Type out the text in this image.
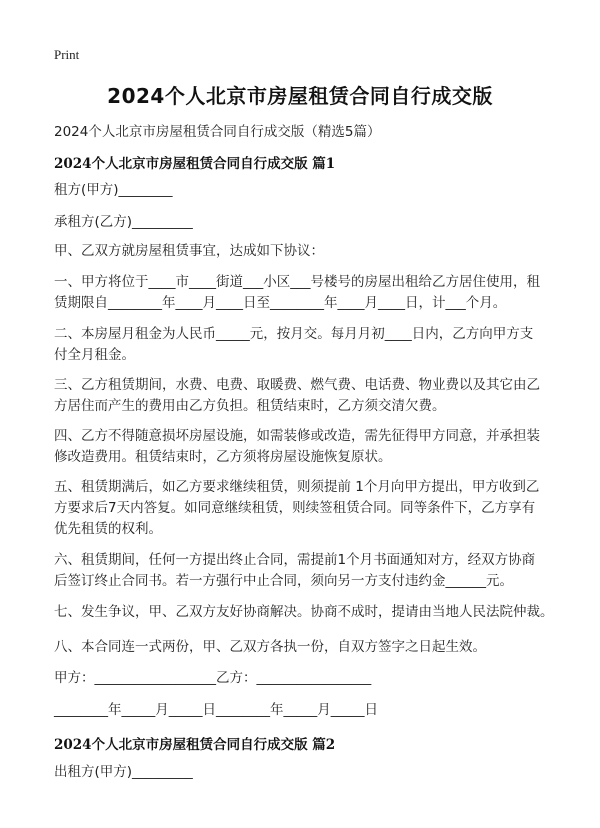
Print
2024个人北京市房屋租赁合同自行成交版
2024个人北京市房屋租赁合同自行成交版（精选5篇）
2024个人北京市房屋租赁合同自行成交版 篇1
租方(甲方)________
承租方(乙方)_________
甲、乙双方就房屋租赁事宜，达成如下协议：
一、甲方将位于____市____街道___小区___号楼号的房屋出租给乙方居住使用，租
赁期限自________年____月____日至________年____月____日，计___个月。
二、本房屋月租金为人民币_____元，按月交。每月月初____日内，乙方向甲方支
付全月租金。
三、乙方租赁期间，水费、电费、取暖费、燃气费、电话费、物业费以及其它由乙
方居住而产生的费用由乙方负担。租赁结束时，乙方须交清欠费。
四、乙方不得随意损坏房屋设施，如需装修或改造，需先征得甲方同意，并承担装
修改造费用。租赁结束时，乙方须将房屋设施恢复原状。
五、租赁期满后，如乙方要求继续租赁，则须提前 1个月向甲方提出，甲方收到乙
方要求后7天内答复。如同意继续租赁，则续签租赁合同。同等条件下，乙方享有
优先租赁的权利。
六、租赁期间，任何一方提出终止合同，需提前1个月书面通知对方，经双方协商
后签订终止合同书。若一方强行中止合同，须向另一方支付违约金______元。
七、发生争议，甲、乙双方友好协商解决。协商不成时，提请由当地人民法院仲裁。
八、本合同连一式两份，甲、乙双方各执一份，自双方签字之日起生效。
甲方：__________________乙方：_________________
________年_____月_____日________年_____月_____日
2024个人北京市房屋租赁合同自行成交版 篇2
出租方(甲方)_________
